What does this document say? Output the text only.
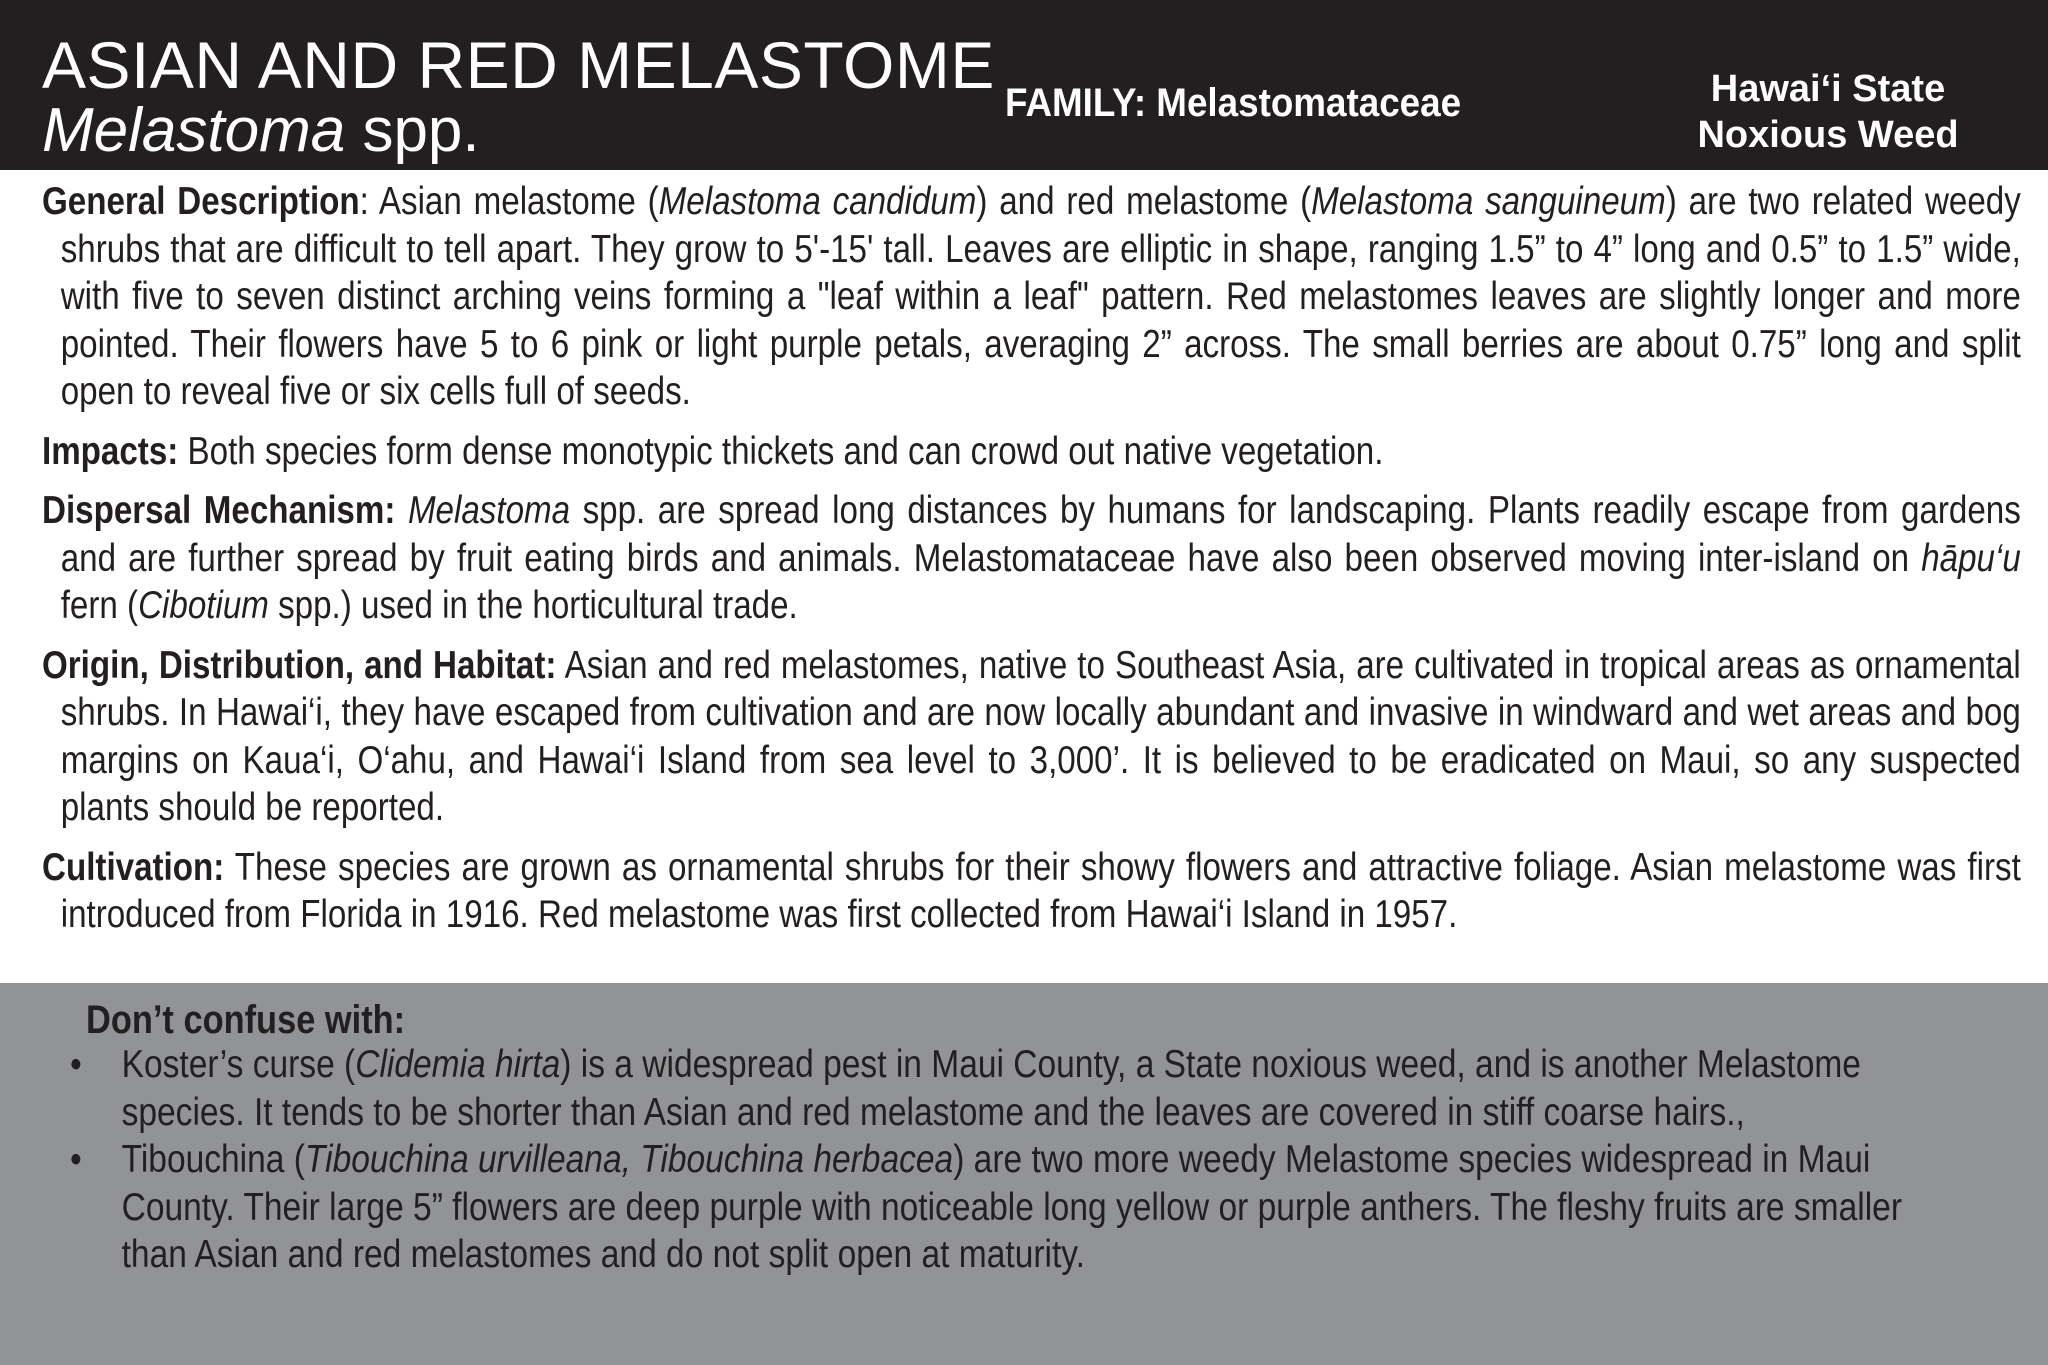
ASIAN AND RED MELASTOME
Melastoma spp.	FAMILY: Melastomataceae	Hawai‘i State
Noxious Weed

General Description: Asian melastome (Melastoma candidum) and red melastome (Melastoma sanguineum) are two related weedy shrubs that are difficult to tell apart. They grow to 5'-15' tall. Leaves are elliptic in shape, ranging 1.5” to 4” long and 0.5” to 1.5” wide, with five to seven distinct arching veins forming a "leaf within a leaf" pattern. Red melastomes leaves are slightly longer and more pointed. Their flowers have 5 to 6 pink or light purple petals, averaging 2” across. The small berries are about 0.75” long and split open to reveal five or six cells full of seeds.

Impacts: Both species form dense monotypic thickets and can crowd out native vegetation.

Dispersal Mechanism: Melastoma spp. are spread long distances by humans for landscaping. Plants readily escape from gardens and are further spread by fruit eating birds and animals. Melastomataceae have also been observed moving inter-island on hāpu‘u fern (Cibotium spp.) used in the horticultural trade.

Origin, Distribution, and Habitat: Asian and red melastomes, native to Southeast Asia, are cultivated in tropical areas as ornamental shrubs. In Hawai‘i, they have escaped from cultivation and are now locally abundant and invasive in windward and wet areas and bog margins on Kaua‘i, O‘ahu, and Hawai‘i Island from sea level to 3,000’. It is believed to be eradicated on Maui, so any suspected plants should be reported.

Cultivation: These species are grown as ornamental shrubs for their showy flowers and attractive foliage. Asian melastome was first introduced from Florida in 1916. Red melastome was first collected from Hawai‘i Island in 1957.

Don’t confuse with:
• Koster’s curse (Clidemia hirta) is a widespread pest in Maui County, a State noxious weed, and is another Melastome species. It tends to be shorter than Asian and red melastome and the leaves are covered in stiff coarse hairs.,
• Tibouchina (Tibouchina urvilleana, Tibouchina herbacea) are two more weedy Melastome species widespread in Maui County. Their large 5” flowers are deep purple with noticeable long yellow or purple anthers. The fleshy fruits are smaller than Asian and red melastomes and do not split open at maturity.
